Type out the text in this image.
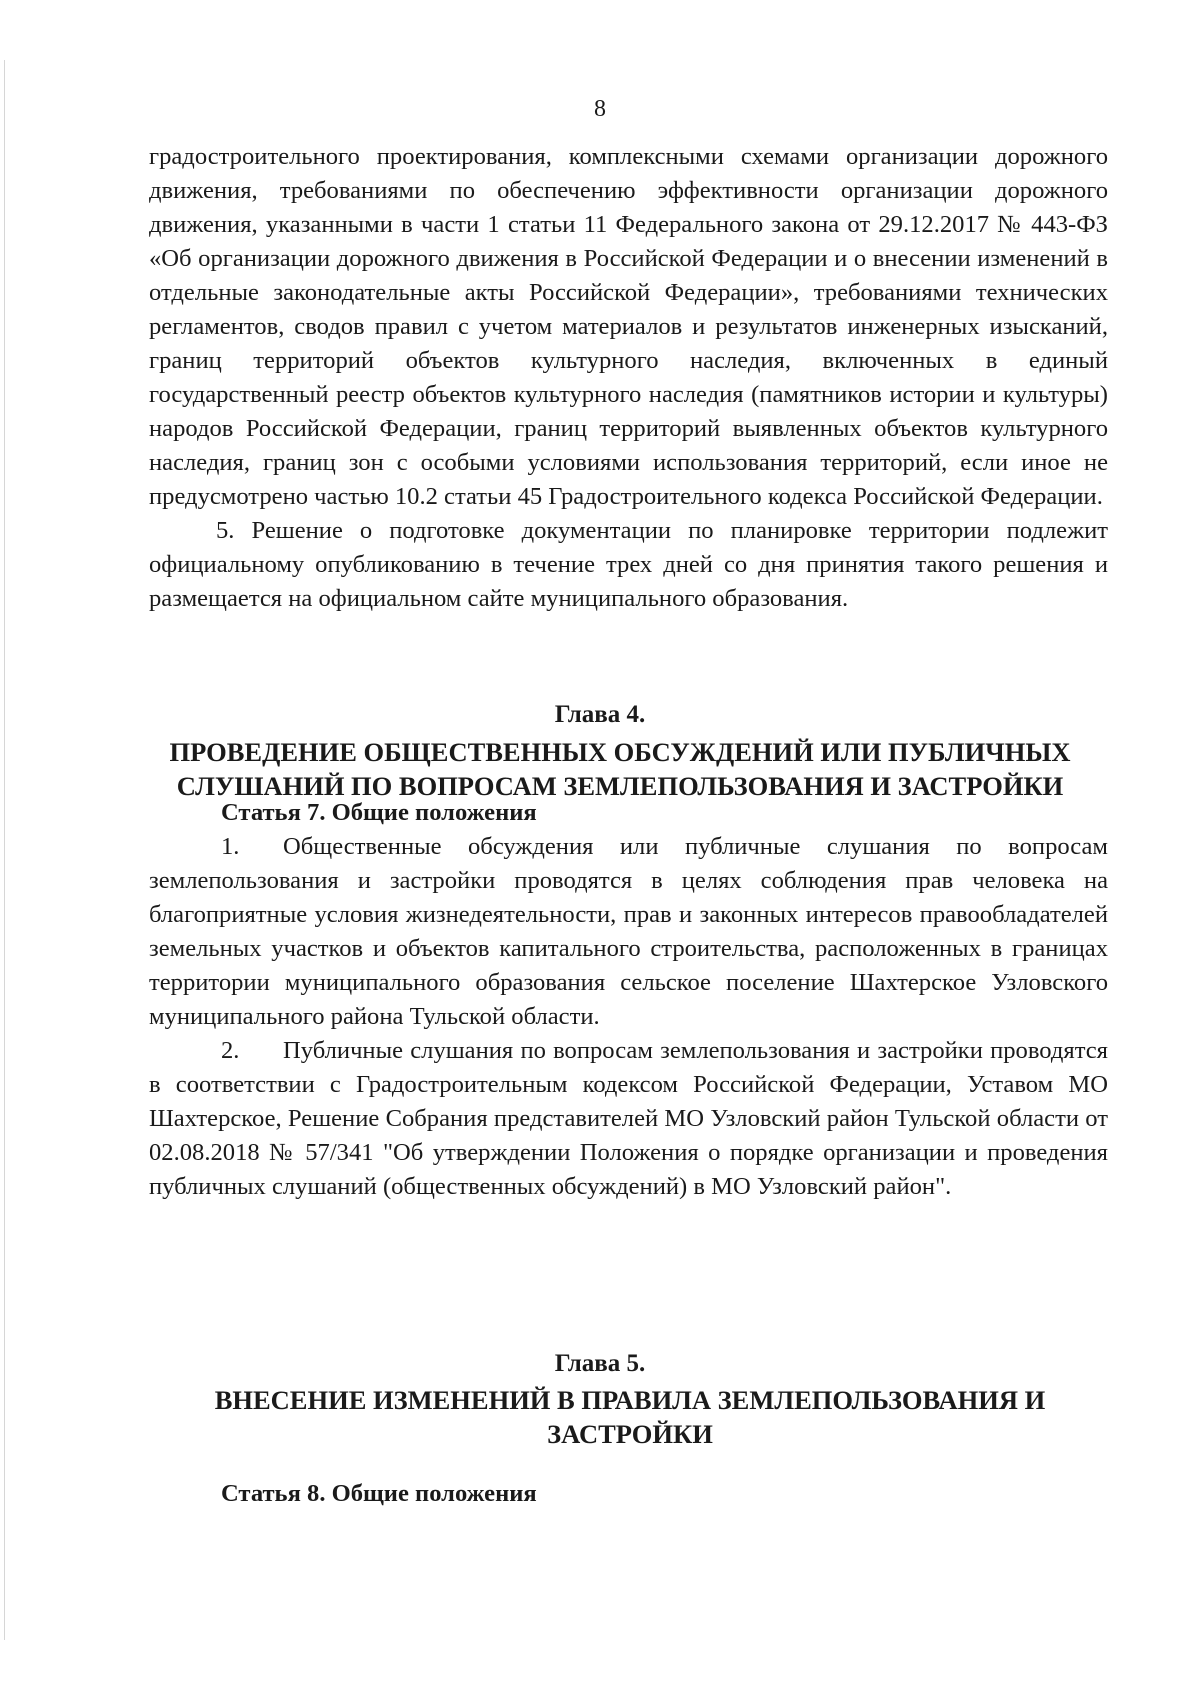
8

градостроительного проектирования, комплексными схемами организации дорожного движения, требованиями по обеспечению эффективности организации дорожного движения, указанными в части 1 статьи 11 Федерального закона от 29.12.2017 № 443-ФЗ «Об организации дорожного движения в Российской Федерации и о внесении изменений в отдельные законодательные акты Российской Федерации», требованиями технических регламентов, сводов правил с учетом материалов и результатов инженерных изысканий, границ территорий объектов культурного наследия, включенных в единый государственный реестр объектов культурного наследия (памятников истории и культуры) народов Российской Федерации, границ территорий выявленных объектов культурного наследия, границ зон с особыми условиями использования территорий, если иное не предусмотрено частью 10.2 статьи 45 Градостроительного кодекса Российской Федерации.

5. Решение о подготовке документации по планировке территории подлежит официальному опубликованию в течение трех дней со дня принятия такого решения и размещается на официальном сайте муниципального образования.

Глава 4.
ПРОВЕДЕНИЕ ОБЩЕСТВЕННЫХ ОБСУЖДЕНИЙ ИЛИ ПУБЛИЧНЫХ СЛУШАНИЙ ПО ВОПРОСАМ ЗЕМЛЕПОЛЬЗОВАНИЯ И ЗАСТРОЙКИ
Статья 7. Общие положения

1. Общественные обсуждения или публичные слушания по вопросам землепользования и застройки проводятся в целях соблюдения прав человека на благоприятные условия жизнедеятельности, прав и законных интересов правообладателей земельных участков и объектов капитального строительства, расположенных в границах территории муниципального образования сельское поселение Шахтерское Узловского муниципального района Тульской области.

2. Публичные слушания по вопросам землепользования и застройки проводятся в соответствии с Градостроительным кодексом Российской Федерации, Уставом МО Шахтерское, Решение Собрания представителей МО Узловский район Тульской области от 02.08.2018 № 57/341 "Об утверждении Положения о порядке организации и проведения публичных слушаний (общественных обсуждений) в МО Узловский район".

Глава 5.
ВНЕСЕНИЕ ИЗМЕНЕНИЙ В ПРАВИЛА ЗЕМЛЕПОЛЬЗОВАНИЯ И ЗАСТРОЙКИ
Статья 8. Общие положения
